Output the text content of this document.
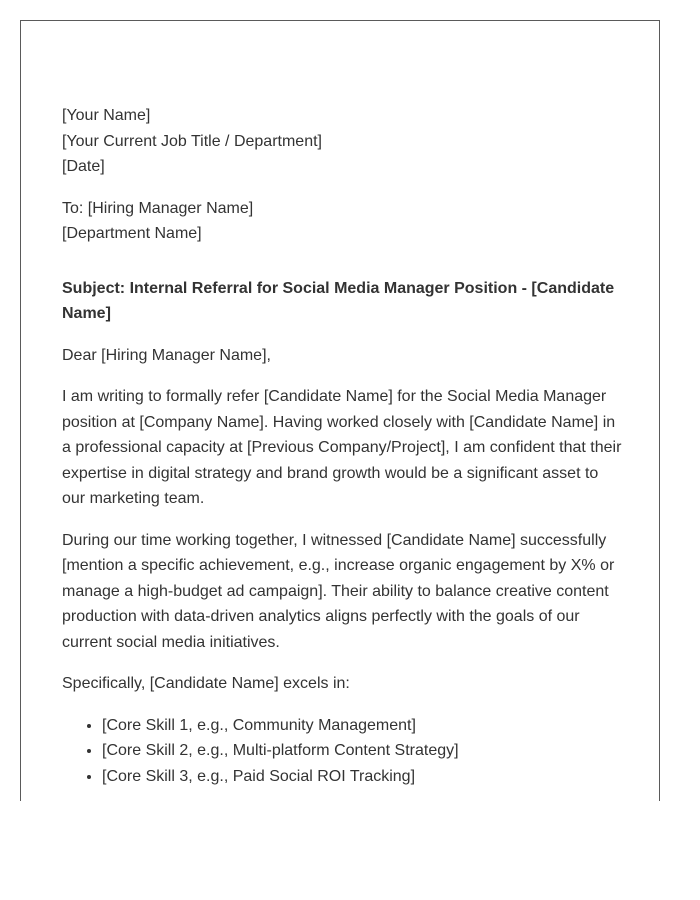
[Your Name]
[Your Current Job Title / Department]
[Date]
To: [Hiring Manager Name]
[Department Name]

Subject: Internal Referral for Social Media Manager Position - [Candidate Name]

Dear [Hiring Manager Name],

I am writing to formally refer [Candidate Name] for the Social Media Manager position at [Company Name]. Having worked closely with [Candidate Name] in a professional capacity at [Previous Company/Project], I am confident that their expertise in digital strategy and brand growth would be a significant asset to our marketing team.

During our time working together, I witnessed [Candidate Name] successfully [mention a specific achievement, e.g., increase organic engagement by X% or manage a high-budget ad campaign]. Their ability to balance creative content production with data-driven analytics aligns perfectly with the goals of our current social media initiatives.

Specifically, [Candidate Name] excels in:

• [Core Skill 1, e.g., Community Management]
• [Core Skill 2, e.g., Multi-platform Content Strategy]
• [Core Skill 3, e.g., Paid Social ROI Tracking]
